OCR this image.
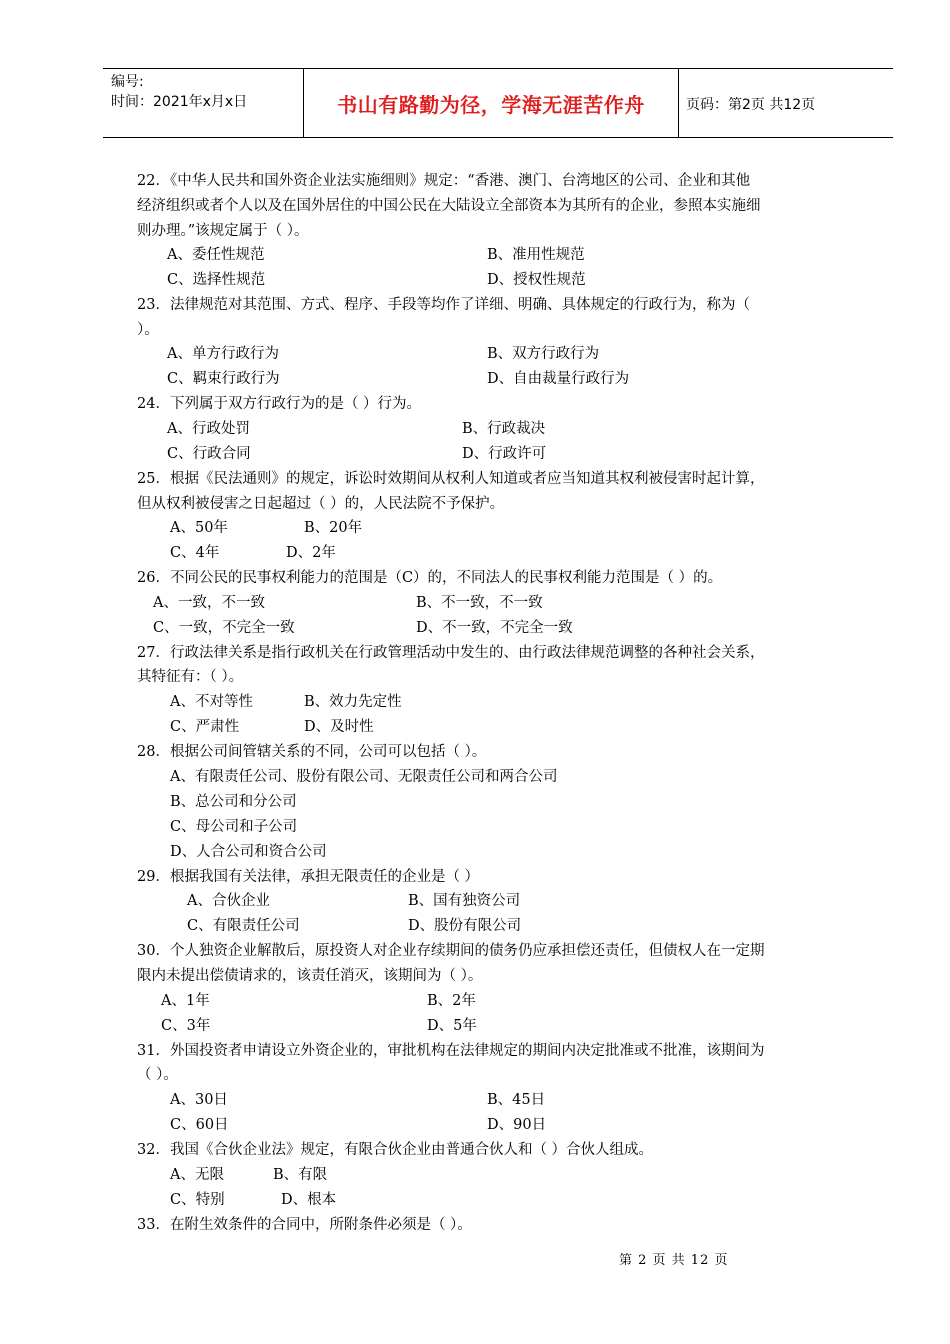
编号:
时间：2021年x月x日	书山有路勤为径，学海无涯苦作舟	页码：第2页 共12页
22．《中华人民共和国外资企业法实施细则》规定：“香港、澳门、台湾地区的公司、企业和其他
经济组织或者个人以及在国外居住的中国公民在大陆设立全部资本为其所有的企业，参照本实施细
则办理。”该规定属于（ ）。
A、委任性规范	B、准用性规范
C、选择性规范	D、授权性规范
23．法律规范对其范围、方式、程序、手段等均作了详细、明确、具体规定的行政行为，称为（
）。
A、单方行政行为	B、双方行政行为
C、羁束行政行为	D、自由裁量行政行为
24．下列属于双方行政行为的是（ ）行为。
A、行政处罚	B、行政裁决
C、行政合同	D、行政许可
25．根据《民法通则》的规定，诉讼时效期间从权利人知道或者应当知道其权利被侵害时起计算，
但从权利被侵害之日起超过（ ）的，人民法院不予保护。
A、50年	B、20年
C、4年	D、2年
26．不同公民的民事权利能力的范围是（C）的，不同法人的民事权利能力范围是（ ）的。
A、一致，不一致	B、不一致，不一致
C、一致，不完全一致	D、不一致，不完全一致
27．行政法律关系是指行政机关在行政管理活动中发生的、由行政法律规范调整的各种社会关系，
其特征有：（ ）。
A、不对等性	B、效力先定性
C、严肃性	D、及时性
28．根据公司间管辖关系的不同，公司可以包括（ ）。
A、有限责任公司、股份有限公司、无限责任公司和两合公司
B、总公司和分公司
C、母公司和子公司
D、人合公司和资合公司
29．根据我国有关法律，承担无限责任的企业是（ ）
A、合伙企业	B、国有独资公司
C、有限责任公司	D、股份有限公司
30．个人独资企业解散后，原投资人对企业存续期间的债务仍应承担偿还责任，但债权人在一定期
限内未提出偿债请求的，该责任消灭，该期间为（ ）。
A、1年	B、2年
C、3年	D、5年
31．外国投资者申请设立外资企业的，审批机构在法律规定的期间内决定批准或不批准，该期间为
（ ）。
A、30日	B、45日
C、60日	D、90日
32．我国《合伙企业法》规定，有限合伙企业由普通合伙人和（ ）合伙人组成。
A、无限	B、有限
C、特别	D、根本
33．在附生效条件的合同中，所附条件必须是（ ）。
第 2 页 共 12 页
